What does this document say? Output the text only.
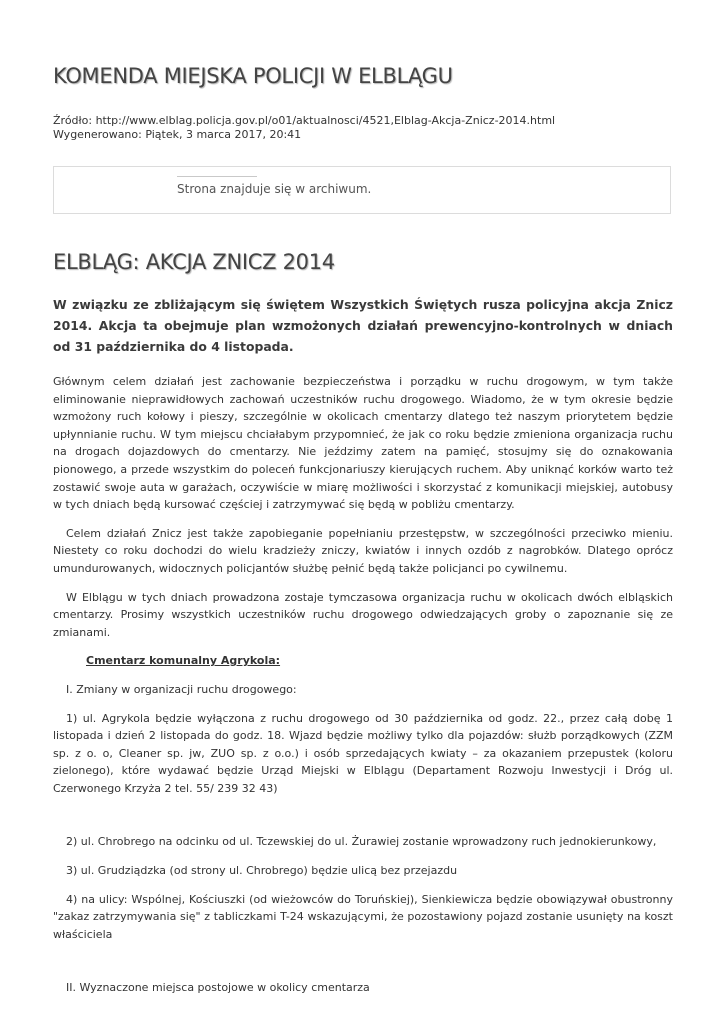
KOMENDA MIEJSKA POLICJI W ELBLĄGU
Źródło: http://www.elblag.policja.gov.pl/o01/aktualnosci/4521,Elblag-Akcja-Znicz-2014.html
Wygenerowano: Piątek, 3 marca 2017, 20:41
Strona znajduje się w archiwum.
ELBLĄG: AKCJA ZNICZ 2014

W związku ze zbliżającym się świętem Wszystkich Świętych rusza policyjna akcja Znicz 2014. Akcja ta obejmuje plan wzmożonych działań prewencyjno-kontrolnych w dniach od 31 października do 4 listopada.

Głównym celem działań jest zachowanie bezpieczeństwa i porządku w ruchu drogowym, w tym także eliminowanie nieprawidłowych zachowań uczestników ruchu drogowego. Wiadomo, że w tym okresie będzie wzmożony ruch kołowy i pieszy, szczególnie w okolicach cmentarzy dlatego też naszym priorytetem będzie upłynnianie ruchu. W tym miejscu chciałabym przypomnieć, że jak co roku będzie zmieniona organizacja ruchu na drogach dojazdowych do cmentarzy. Nie jeździmy zatem na pamięć, stosujmy się do oznakowania pionowego, a przede wszystkim do poleceń funkcjonariuszy kierujących ruchem. Aby uniknąć korków warto też zostawić swoje auta w garażach, oczywiście w miarę możliwości i skorzystać z komunikacji miejskiej, autobusy w tych dniach będą kursować częściej i zatrzymywać się będą w pobliżu cmentarzy.

Celem działań Znicz jest także zapobieganie popełnianiu przestępstw, w szczególności przeciwko mieniu. Niestety co roku dochodzi do wielu kradzieży zniczy, kwiatów i innych ozdób z nagrobków. Dlatego oprócz umundurowanych, widocznych policjantów służbę pełnić będą także policjanci po cywilnemu.

W Elblągu w tych dniach prowadzona zostaje tymczasowa organizacja ruchu w okolicach dwóch elbląskich cmentarzy. Prosimy wszystkich uczestników ruchu drogowego odwiedzających groby o zapoznanie się ze zmianami.

Cmentarz komunalny Agrykola:

I. Zmiany w organizacji ruchu drogowego:

1) ul. Agrykola będzie wyłączona z ruchu drogowego od 30 października od godz. 22., przez całą dobę 1 listopada i dzień 2 listopada do godz. 18. Wjazd będzie możliwy tylko dla pojazdów: służb porządkowych (ZZM sp. z o. o, Cleaner sp. jw, ZUO sp. z o.o.) i osób sprzedających kwiaty – za okazaniem przepustek (koloru zielonego), które wydawać będzie Urząd Miejski w Elblągu (Departament Rozwoju Inwestycji i Dróg ul. Czerwonego Krzyża 2 tel. 55/ 239 32 43)

2) ul. Chrobrego na odcinku od ul. Tczewskiej do ul. Żurawiej zostanie wprowadzony ruch jednokierunkowy,

3) ul. Grudziądzka (od strony ul. Chrobrego) będzie ulicą bez przejazdu

4) na ulicy: Wspólnej, Kościuszki (od wieżowców do Toruńskiej), Sienkiewicza będzie obowiązywał obustronny "zakaz zatrzymywania się" z tabliczkami T-24 wskazującymi, że pozostawiony pojazd zostanie usunięty na koszt właściciela

II. Wyznaczone miejsca postojowe w okolicy cmentarza
